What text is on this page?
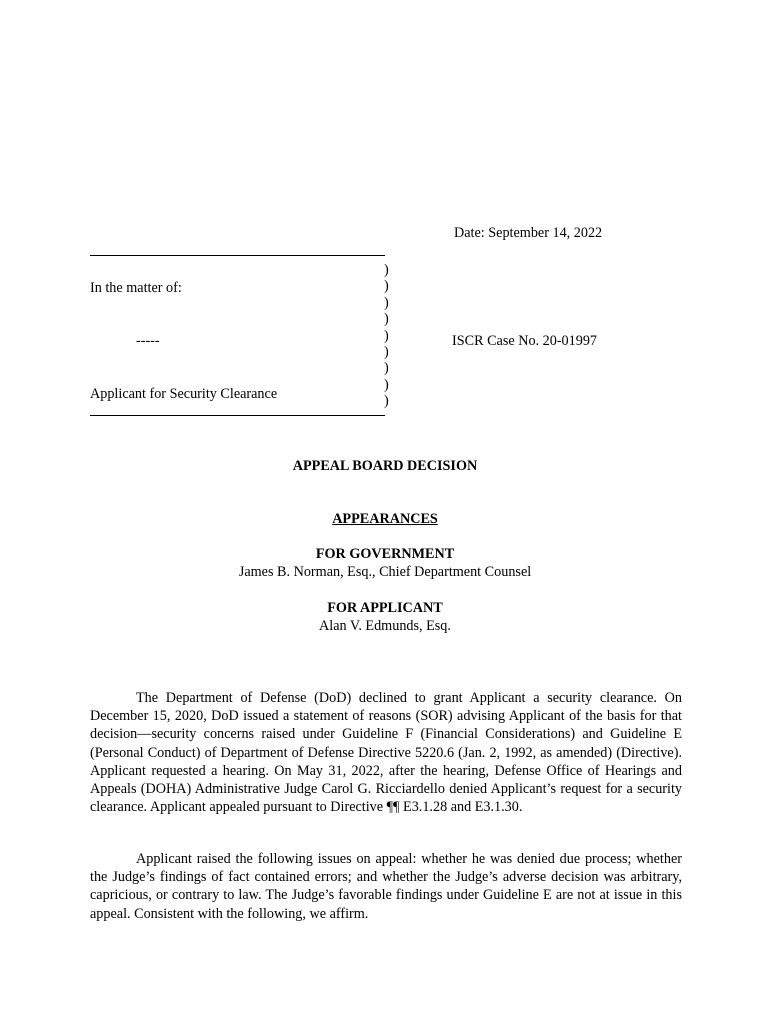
Date: September 14, 2022
)
)
)
)
)
)
)
)
)
In the matter of:
-----	ISCR Case No. 20-01997
Applicant for Security Clearance
APPEAL BOARD DECISION
APPEARANCES
FOR GOVERNMENT
James B. Norman, Esq., Chief Department Counsel
FOR APPLICANT
Alan V. Edmunds, Esq.

The Department of Defense (DoD) declined to grant Applicant a security clearance. On December 15, 2020, DoD issued a statement of reasons (SOR) advising Applicant of the basis for that decision—security concerns raised under Guideline F (Financial Considerations) and Guideline E (Personal Conduct) of Department of Defense Directive 5220.6 (Jan. 2, 1992, as amended) (Directive). Applicant requested a hearing. On May 31, 2022, after the hearing, Defense Office of Hearings and Appeals (DOHA) Administrative Judge Carol G. Ricciardello denied Applicant’s request for a security clearance. Applicant appealed pursuant to Directive ¶¶ E3.1.28 and E3.1.30.

Applicant raised the following issues on appeal: whether he was denied due process; whether the Judge’s findings of fact contained errors; and whether the Judge’s adverse decision was arbitrary, capricious, or contrary to law. The Judge’s favorable findings under Guideline E are not at issue in this appeal. Consistent with the following, we affirm.
